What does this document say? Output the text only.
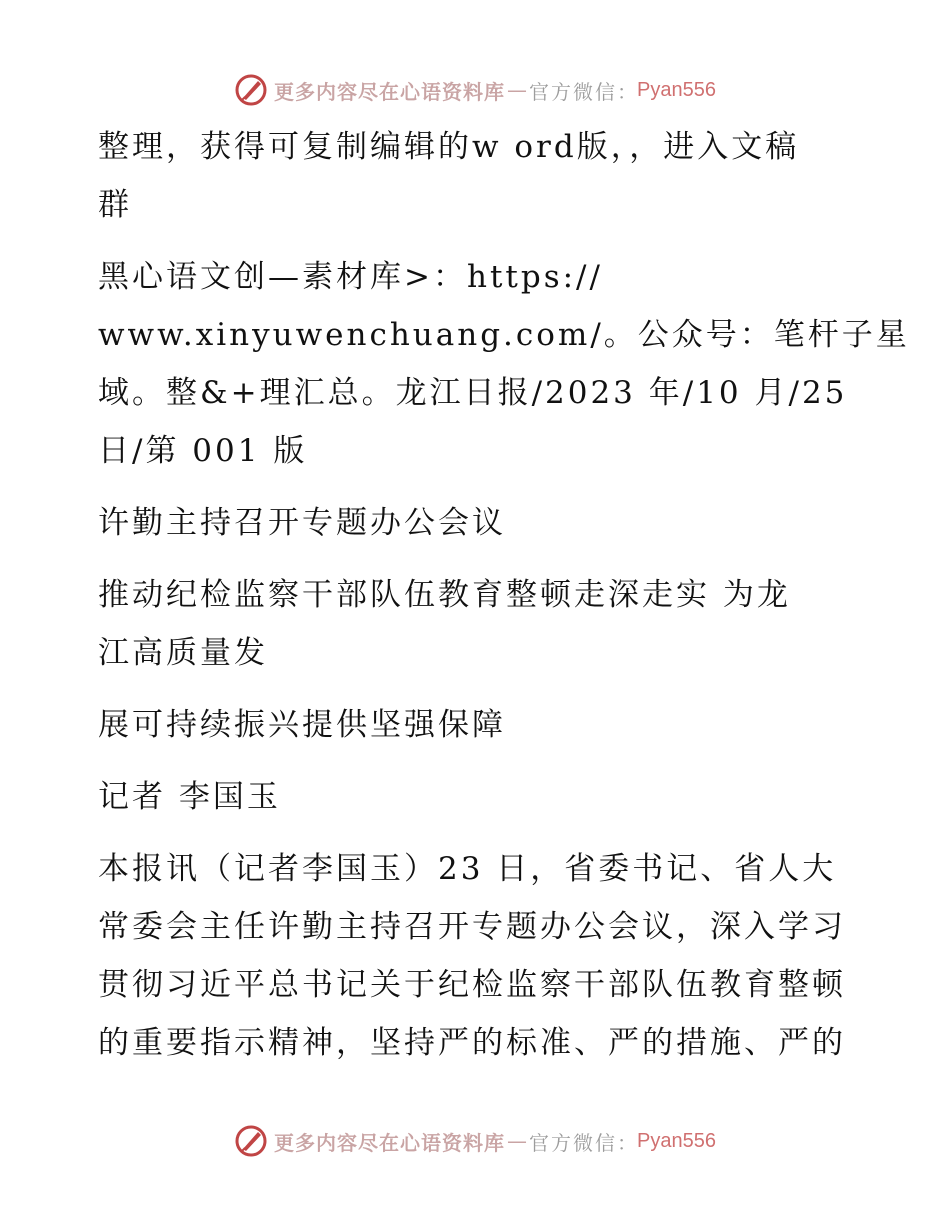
更多内容尽在心语资料库 — 官方微信 ： Pyan556
整理，获得可复制编辑的w ord版，，进入文稿
群
黑心语文创—素材库>：https://
www.xinyuwenchuang.com/。公众号：笔杆子星
域。整&+理汇总。龙江日报/2023 年/10 月/25
日/第 001 版
许勤主持召开专题办公会议
推动纪检监察干部队伍教育整顿走深走实 为龙
江高质量发
展可持续振兴提供坚强保障
记者 李国玉
本报讯（记者李国玉）23 日，省委书记、省人大
常委会主任许勤主持召开专题办公会议，深入学习
贯彻习近平总书记关于纪检监察干部队伍教育整顿
的重要指示精神，坚持严的标准、严的措施、严的
更多内容尽在心语资料库 — 官方微信 ： Pyan556
